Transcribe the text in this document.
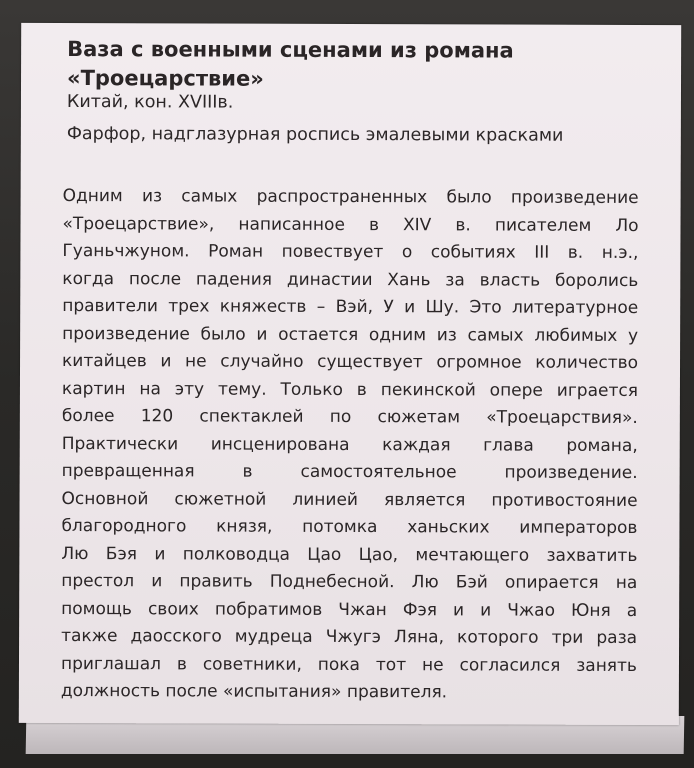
Ваза с военными сценами из романа
«Троецарствие»

Китай, кон. XVIIIв.

Фарфор, надглазурная роспись эмалевыми красками

Одним из самых распространенных было произведение
«Троецарствие», написанное в XIV в. писателем Ло
Гуаньчжуном. Роман повествует о событиях III в. н.э.,
когда после падения династии Хань за власть боролись
правители трех княжеств – Вэй, У и Шу. Это литературное
произведение было и остается одним из самых любимых у
китайцев и не случайно существует огромное количество
картин на эту тему. Только в пекинской опере играется
более 120 спектаклей по сюжетам «Троецарствия».
Практически инсценирована каждая глава романа,
превращенная в самостоятельное произведение.
Основной сюжетной линией является противостояние
благородного князя, потомка ханьских императоров
Лю Бэя и полководца Цао Цао, мечтающего захватить
престол и править Поднебесной. Лю Бэй опирается на
помощь своих побратимов Чжан Фэя и и Чжао Юня а
также даосского мудреца Чжугэ Ляна, которого три раза
приглашал в советники, пока тот не согласился занять
должность после «испытания» правителя.
